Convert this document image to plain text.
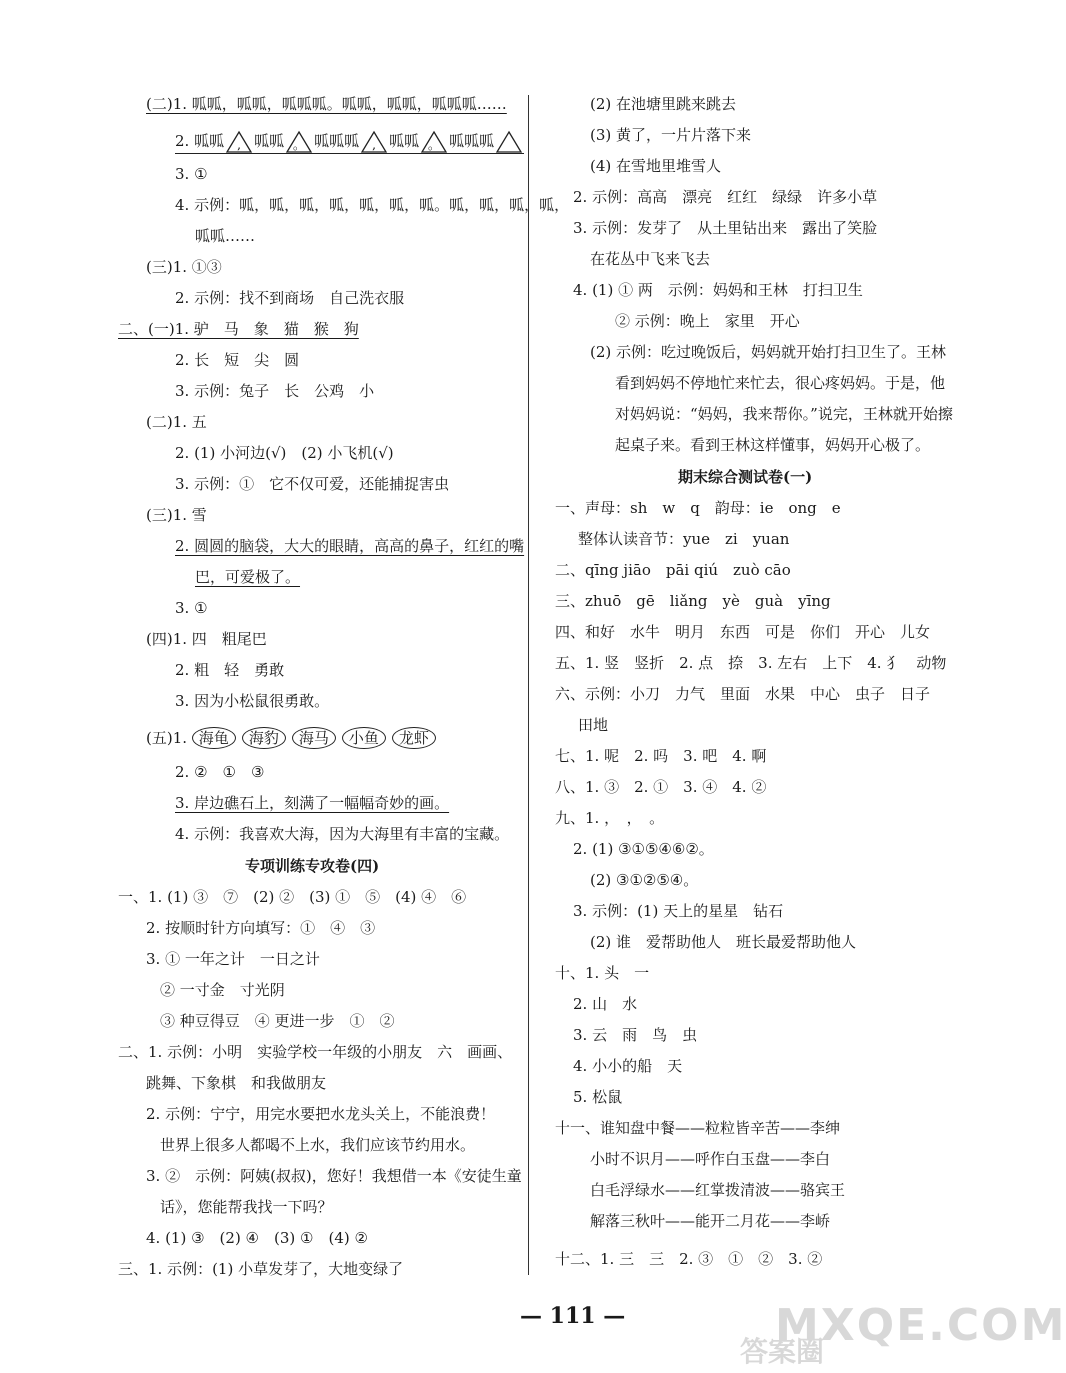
(二)1. 呱呱，呱呱，呱呱呱。呱呱，呱呱，呱呱呱……
2. 呱呱 , 呱呱 。 呱呱呱 , 呱呱 。 呱呱呱
3. ①
4. 示例：呱，呱，呱，呱，呱，呱，呱。呱，呱，呱，呱，
呱呱……
(三)1. ①③
2. 示例：找不到商场　自己洗衣服
二、(一)1. 驴　马　象　猫　猴　狗
2. 长　短　尖　圆
3. 示例：兔子　长　公鸡　小
(二)1. 五
2. (1) 小河边(√)　(2) 小飞机(√)
3. 示例：①　它不仅可爱，还能捕捉害虫
(三)1. 雪
2. 圆圆的脑袋，大大的眼睛，高高的鼻子，红红的嘴
巴，可爱极了。
3. ①
(四)1. 四　粗尾巴
2. 粗　轻　勇敢
3. 因为小松鼠很勇敢。
(五)1. 海龟 海豹 海马 小鱼 龙虾
2. ②　①　③
3. 岸边礁石上，刻满了一幅幅奇妙的画。
4. 示例：我喜欢大海，因为大海里有丰富的宝藏。
专项训练专攻卷(四)
一、1. (1) ③　⑦　(2) ②　(3) ①　⑤　(4) ④　⑥
2. 按顺时针方向填写：①　④　③
3. ① 一年之计　一日之计
② 一寸金　寸光阴
③ 种豆得豆　④ 更进一步　①　②
二、1. 示例：小明　实验学校一年级的小朋友　六　画画、
跳舞、下象棋　和我做朋友
2. 示例：宁宁，用完水要把水龙头关上，不能浪费！
世界上很多人都喝不上水，我们应该节约用水。
3. ②　示例：阿姨(叔叔)，您好！我想借一本《安徒生童
话》，您能帮我找一下吗？
4. (1) ③　(2) ④　(3) ①　(4) ②
三、1. 示例：(1) 小草发芽了，大地变绿了
(2) 在池塘里跳来跳去
(3) 黄了，一片片落下来
(4) 在雪地里堆雪人
2. 示例：高高　漂亮　红红　绿绿　许多小草
3. 示例：发芽了　从土里钻出来　露出了笑脸
在花丛中飞来飞去
4. (1) ① 两　示例：妈妈和王林　打扫卫生
② 示例：晚上　家里　开心
(2) 示例：吃过晚饭后，妈妈就开始打扫卫生了。王林
看到妈妈不停地忙来忙去，很心疼妈妈。于是，他
对妈妈说：“妈妈，我来帮你。”说完，王林就开始擦
起桌子来。看到王林这样懂事，妈妈开心极了。
期末综合测试卷(一)
一、声母：sh　w　q　韵母：ie　ong　e
整体认读音节：yue　zi　yuan
二、qīng jiāo　pāi qiú　zuò cāo
三、zhuō　gē　liǎng　yè　guà　yīng
四、和好　水牛　明月　东西　可是　你们　开心　儿女
五、1. 竖　竖折　2. 点　捺　3. 左右　上下　4. 犭　动物
六、示例：小刀　力气　里面　水果　中心　虫子　日子
田地
七、1. 呢　2. 吗　3. 吧　4. 啊
八、1. ③　2. ①　3. ④　4. ②
九、1. ，　，　。
2. (1) ③①⑤④⑥②。
(2) ③①②⑤④。
3. 示例：(1) 天上的星星　钻石
(2) 谁　爱帮助他人　班长最爱帮助他人
十、1. 头　一
2. 山　水
3. 云　雨　鸟　虫
4. 小小的船　天
5. 松鼠
十一、谁知盘中餐——粒粒皆辛苦——李绅
小时不识月——呼作白玉盘——李白
白毛浮绿水——红掌拨清波——骆宾王
解落三秋叶——能开二月花——李峤
十二、1. 三　三　2. ③　①　②　3. ②
— 111 —
答案圈
MXQE.COM
